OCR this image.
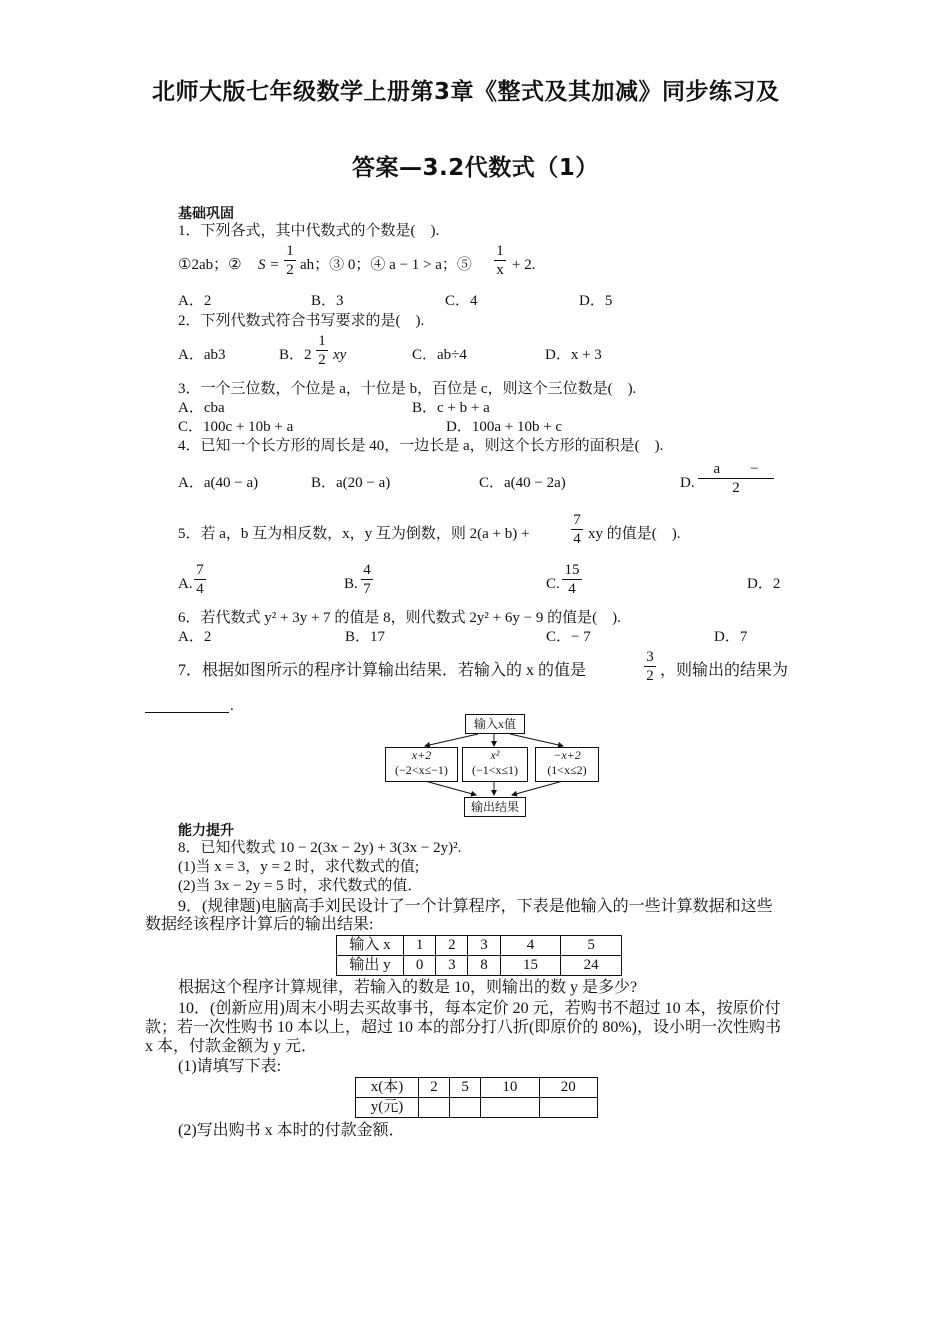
北师大版七年级数学上册第3章《整式及其加减》同步练习及
答案—3.2代数式（1）
基础巩固
1．下列各式，其中代数式的个数是(　).
①2ab；② S =
1
2 ah；③ 0；④ a − 1 > a；⑤
1
x + 2.
A．2	B．3	C．4	D．5
2．下列代数式符合书写要求的是(　).
A．ab3	B．2
1
2 xy	C．ab÷4	D．x + 3
3．一个三位数，个位是 a，十位是 b，百位是 c，则这个三位数是(　).
A．cba	B．c + b + a
C．100c + 10b + a	D．100a + 10b + c
4．已知一个长方形的周长是 40，一边长是 a，则这个长方形的面积是(　).
A．a(40 − a)	B．a(20 − a)	C．a(40 − 2a)	D.
a　　−
2
5．若 a，b 互为相反数，x，y 互为倒数，则 2(a + b) +
7
4 xy 的值是(　).
A.
7
4	B.
4
7	C.
15
4	D．2
6．若代数式 y² + 3y + 7 的值是 8，则代数式 2y² + 6y − 9 的值是(　).
A．2	B．17	C．− 7	D．7
7．根据如图所示的程序计算输出结果．若输入的 x 的值是
3
2 ，则输出的结果为
.
输入x值
x+2
(−2<x≤−1)
x²
(−1<x≤1)
−x+2
(1<x≤2)
输出结果
能力提升
8．已知代数式 10 − 2(3x − 2y) + 3(3x − 2y)².
(1)当 x = 3，y = 2 时，求代数式的值;
(2)当 3x − 2y = 5 时，求代数式的值．
9．(规律题)电脑高手刘民设计了一个计算程序，下表是他输入的一些计算数据和这些
数据经该程序计算后的输出结果:
输入 x	1	2	3	4	5
输出 y	0	3	8	15	24
根据这个程序计算规律，若输入的数是 10，则输出的数 y 是多少?
10．(创新应用)周末小明去买故事书，每本定价 20 元，若购书不超过 10 本，按原价付
款；若一次性购书 10 本以上，超过 10 本的部分打八折(即原价的 80%)，设小明一次性购书
x 本，付款金额为 y 元．
(1)请填写下表:
x(本)	2	5	10	20
y(元)				
(2)写出购书 x 本时的付款金额．
